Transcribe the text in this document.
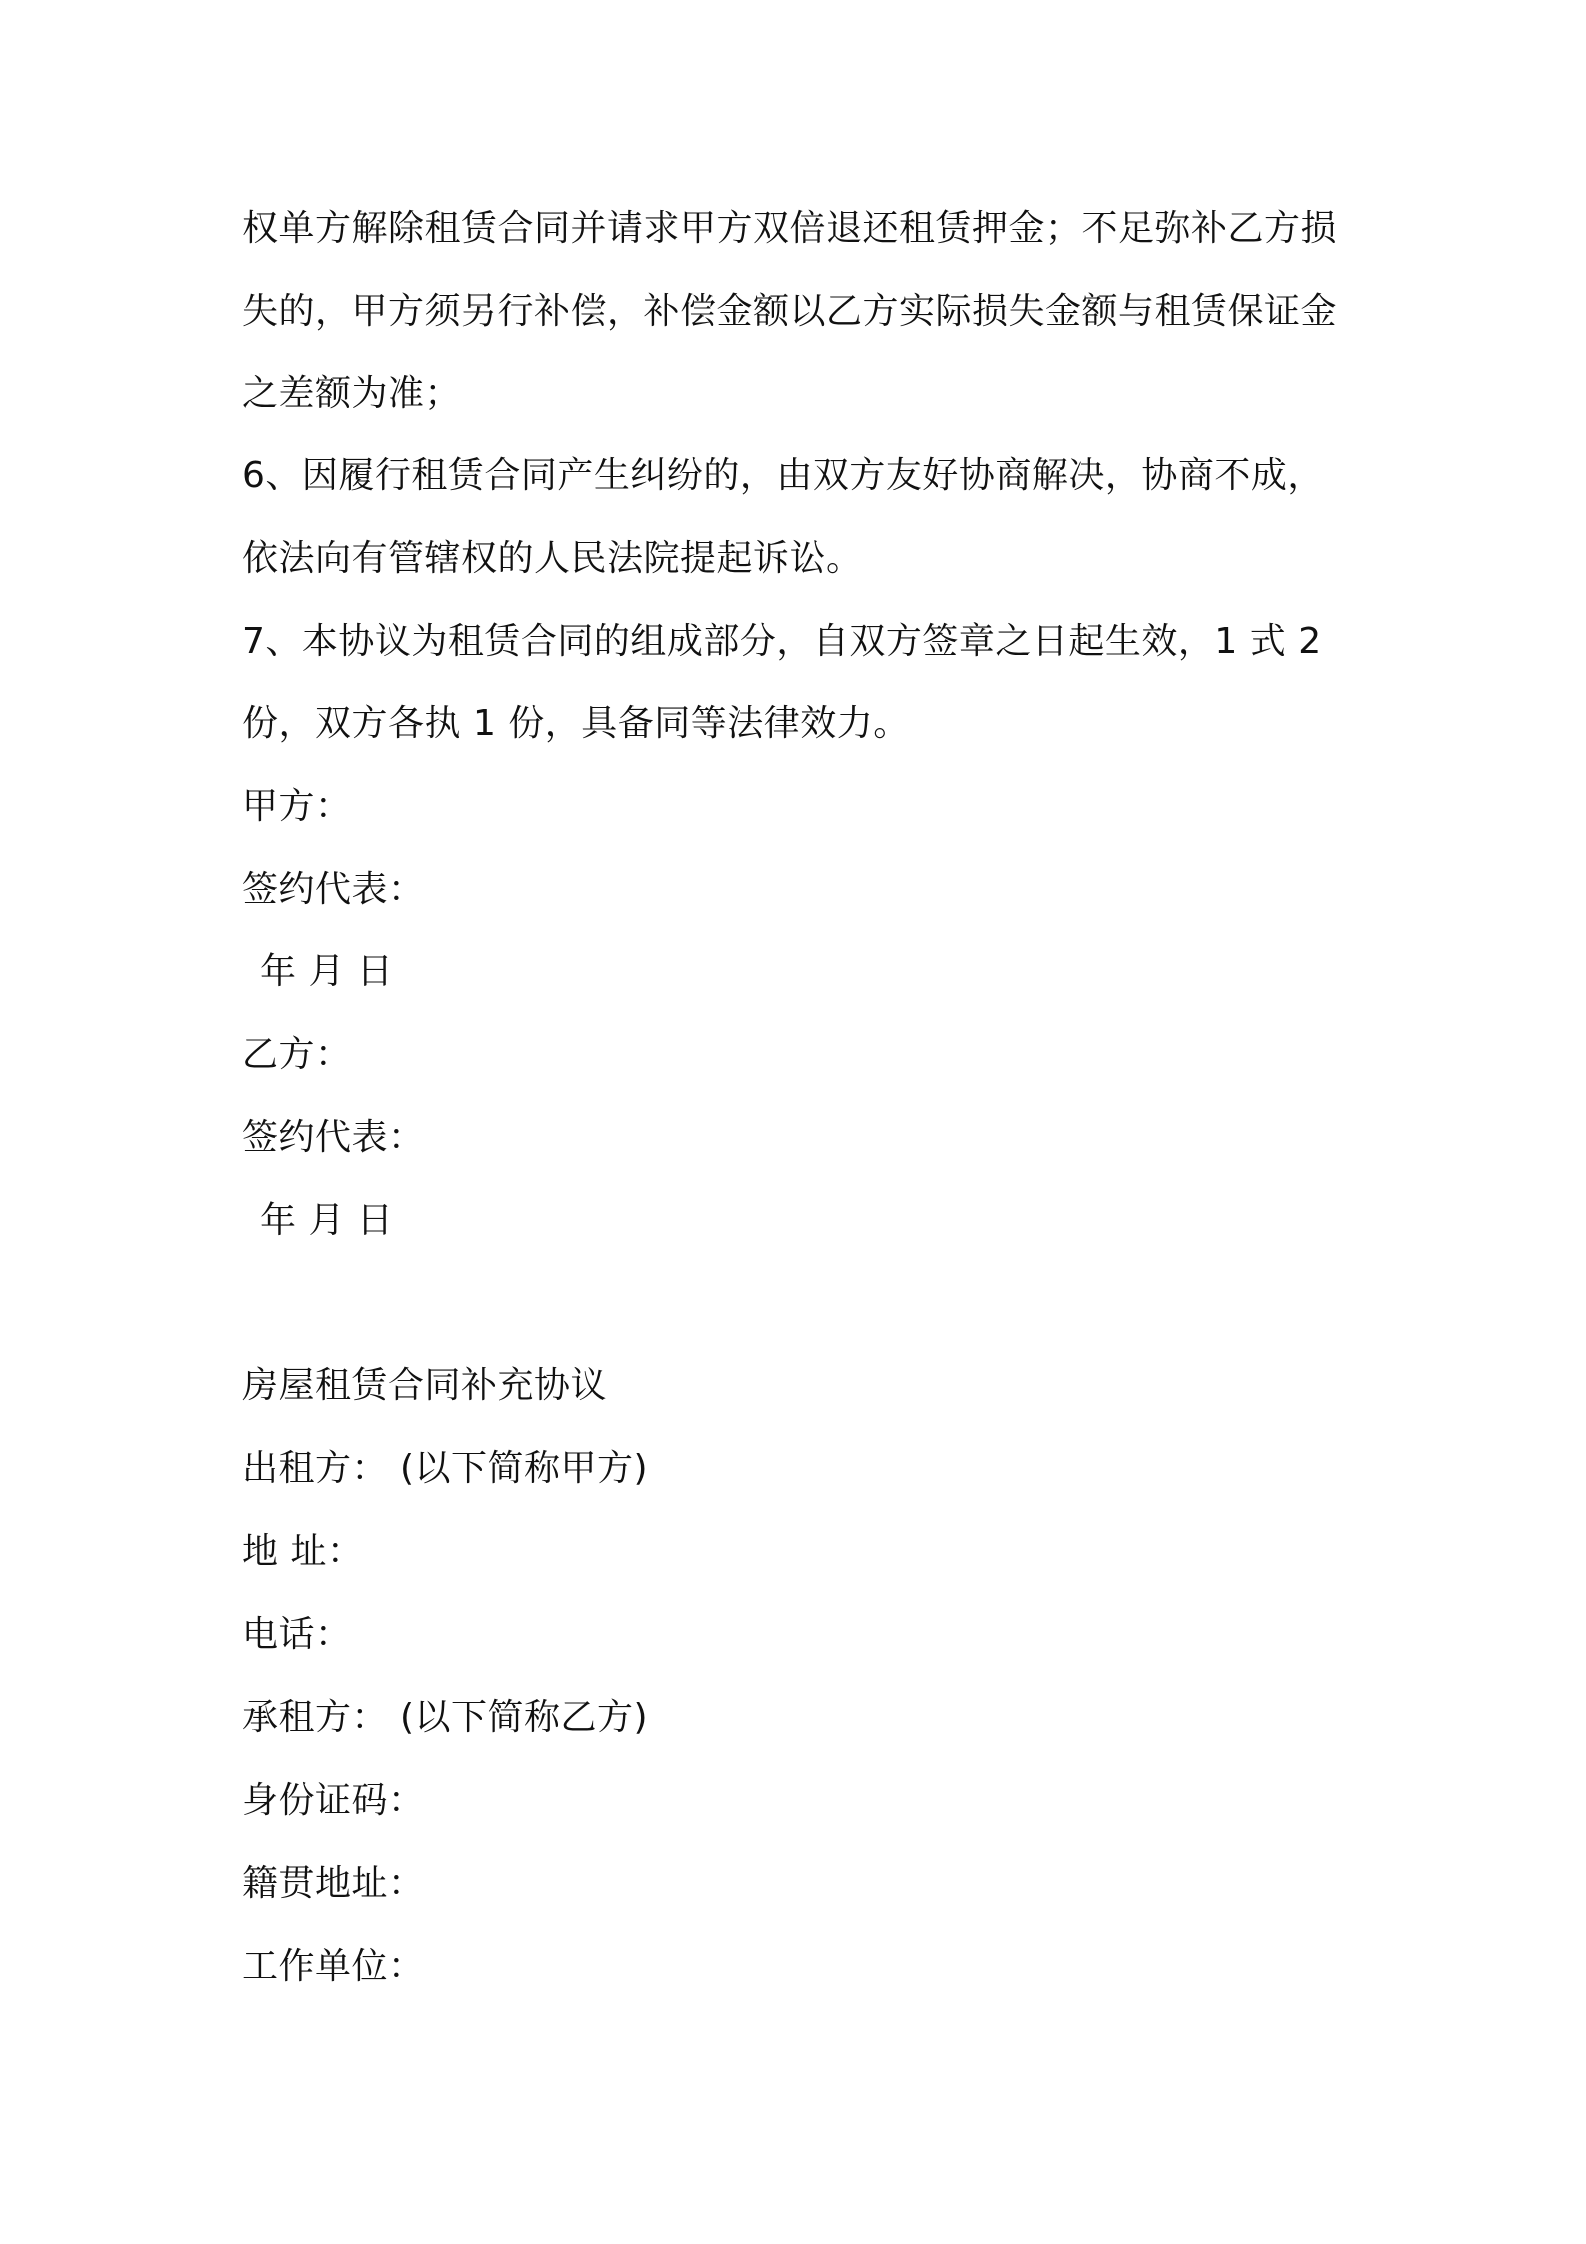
权单方解除租赁合同并请求甲方双倍退还租赁押金；不足弥补乙方损
失的，甲方须另行补偿，补偿金额以乙方实际损失金额与租赁保证金
之差额为准；
6、因履行租赁合同产生纠纷的，由双方友好协商解决，协商不成，
依法向有管辖权的人民法院提起诉讼。
7、本协议为租赁合同的组成部分，自双方签章之日起生效，1 式 2
份，双方各执 1 份，具备同等法律效力。
甲方：
签约代表：
年 月 日
乙方：
签约代表：
年 月 日
房屋租赁合同补充协议
出租方： (以下简称甲方)
地 址：
电话：
承租方： (以下简称乙方)
身份证码：
籍贯地址：
工作单位：
